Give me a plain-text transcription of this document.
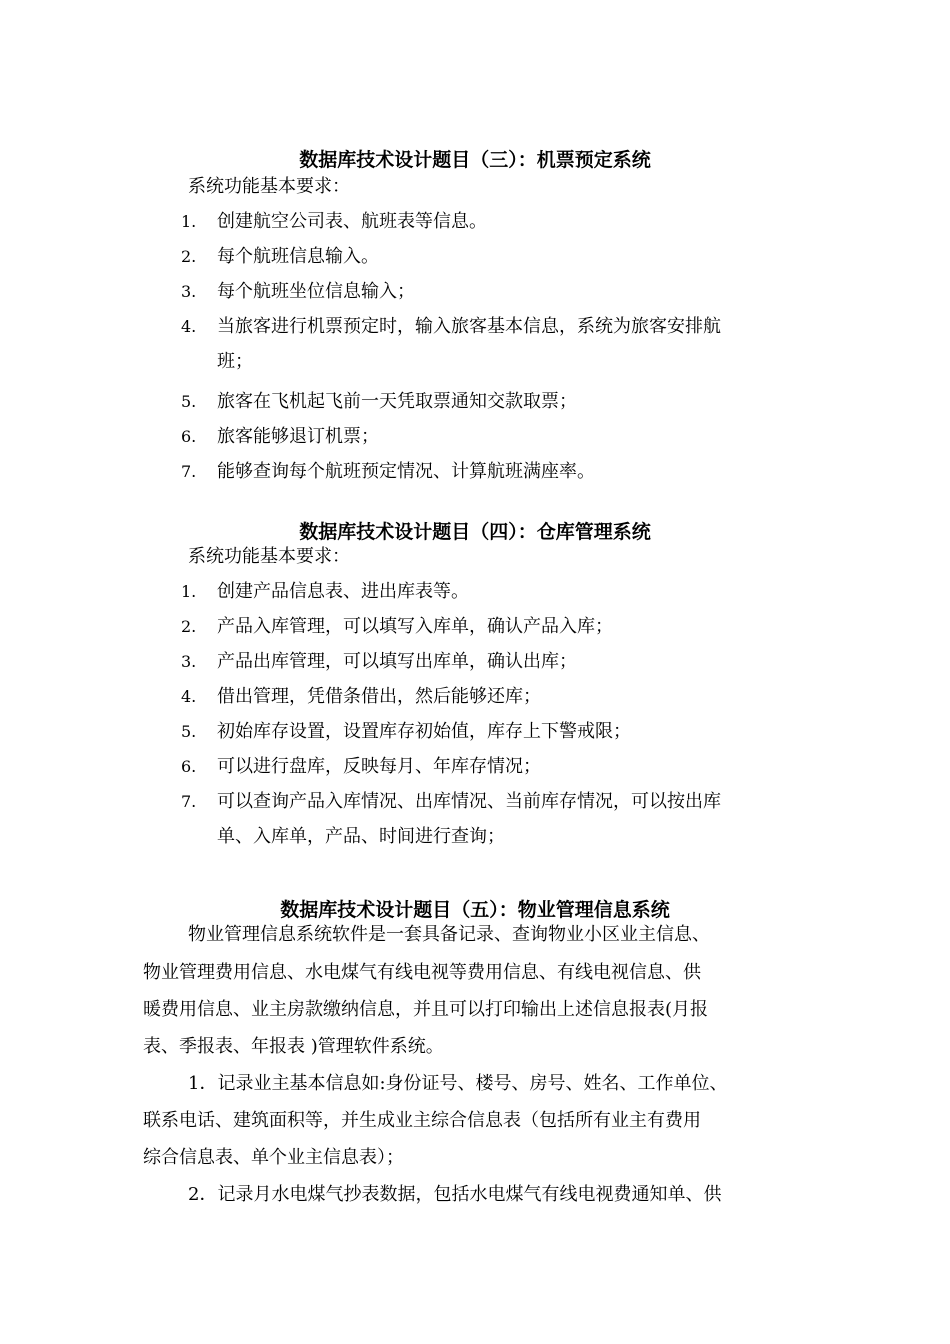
数据库技术设计题目（三）：机票预定系统
系统功能基本要求：
1. 创建航空公司表、航班表等信息。
2. 每个航班信息输入。
3. 每个航班坐位信息输入；
4. 当旅客进行机票预定时，输入旅客基本信息，系统为旅客安排航
班；
5. 旅客在飞机起飞前一天凭取票通知交款取票；
6. 旅客能够退订机票；
7. 能够查询每个航班预定情况、计算航班满座率。
数据库技术设计题目（四）：仓库管理系统
系统功能基本要求：
1. 创建产品信息表、进出库表等。
2. 产品入库管理，可以填写入库单，确认产品入库；
3. 产品出库管理，可以填写出库单，确认出库；
4. 借出管理，凭借条借出，然后能够还库；
5. 初始库存设置，设置库存初始值，库存上下警戒限；
6. 可以进行盘库，反映每月、年库存情况；
7. 可以查询产品入库情况、出库情况、当前库存情况，可以按出库
单、入库单，产品、时间进行查询；
数据库技术设计题目（五）：物业管理信息系统
物业管理信息系统软件是一套具备记录、查询物业小区业主信息、
物业管理费用信息、水电煤气有线电视等费用信息、有线电视信息、供
暖费用信息、业主房款缴纳信息，并且可以打印输出上述信息报表(月报
表、季报表、年报表 )管理软件系统。
1．记录业主基本信息如:身份证号、楼号、房号、姓名、工作单位、
联系电话、建筑面积等，并生成业主综合信息表（包括所有业主有费用
综合信息表、单个业主信息表）；
2．记录月水电煤气抄表数据，包括水电煤气有线电视费通知单、供
